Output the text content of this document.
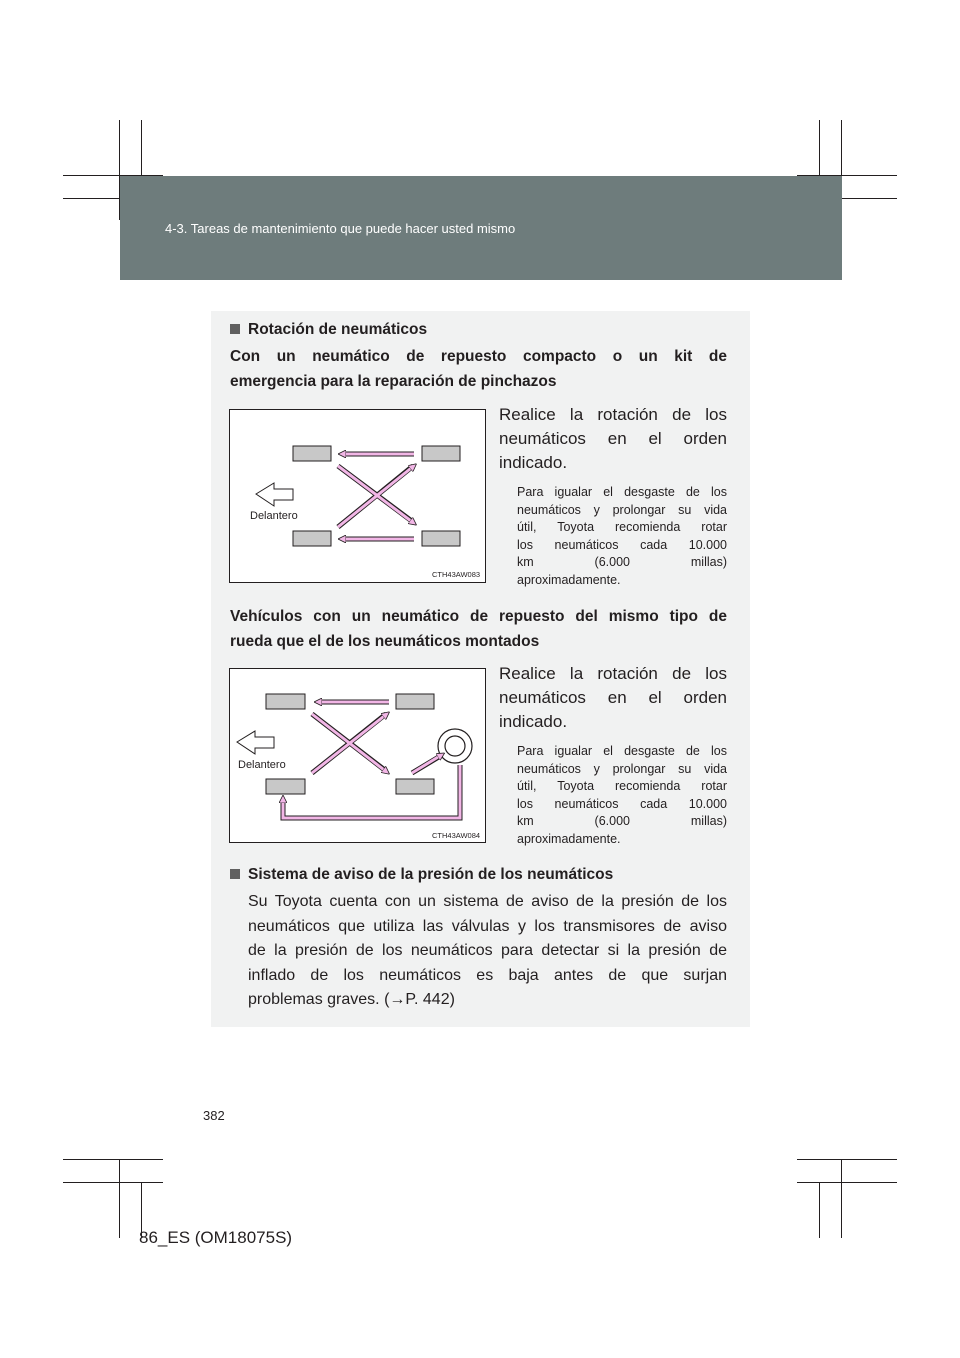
4-3. Tareas de mantenimiento que puede hacer usted mismo
Rotación de neumáticos
Con un neumático de repuesto compacto o un kit de
emergencia para la reparación de pinchazos
Delantero
CTH43AW083
Realice la rotación de los
neumáticos en el orden
indicado.
Para igualar el desgaste de los
neumáticos y prolongar su vida
útil, Toyota recomienda rotar
los neumáticos cada 10.000
km (6.000 millas)
aproximadamente.
Vehículos con un neumático de repuesto del mismo tipo de
rueda que el de los neumáticos montados
Delantero
CTH43AW084
Realice la rotación de los
neumáticos en el orden
indicado.
Para igualar el desgaste de los
neumáticos y prolongar su vida
útil, Toyota recomienda rotar
los neumáticos cada 10.000
km (6.000 millas)
aproximadamente.
Sistema de aviso de la presión de los neumáticos
Su Toyota cuenta con un sistema de aviso de la presión de los
neumáticos que utiliza las válvulas y los transmisores de aviso
de la presión de los neumáticos para detectar si la presión de
inflado de los neumáticos es baja antes de que surjan
problemas graves. (→P. 442)
382
86_ES (OM18075S)
